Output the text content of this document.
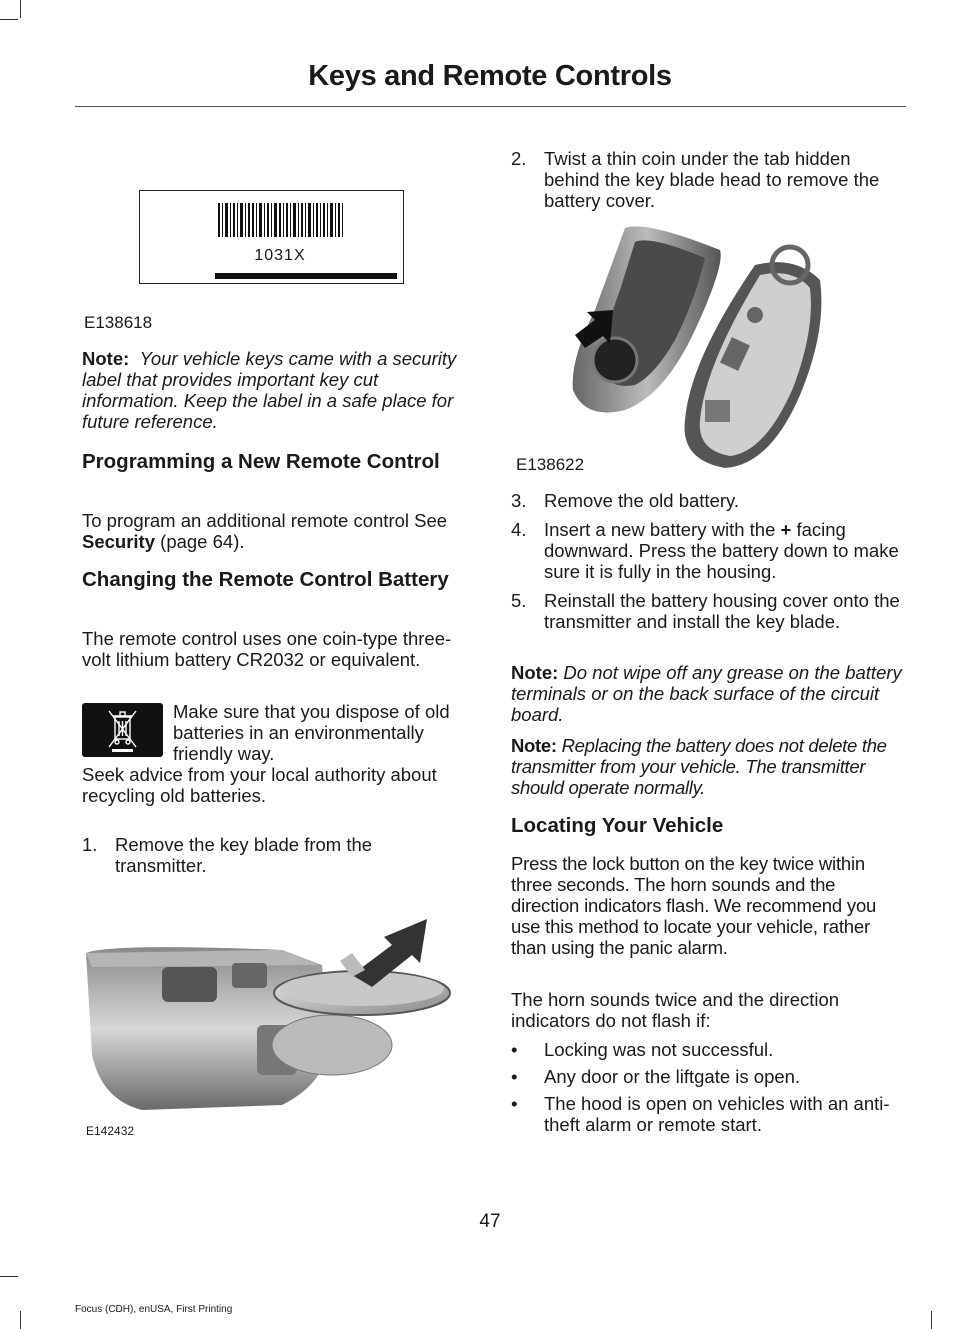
Keys and Remote Controls
1031X
E138618
Note: Your vehicle keys came with a security label that provides important key cut information. Keep the label in a safe place for future reference.
Programming a New Remote Control
To program an additional remote control See Security (page 64).
Changing the Remote Control Battery
The remote control uses one coin-type three-volt lithium battery CR2032 or equivalent.
Make sure that you dispose of old batteries in an environmentally friendly way.
Seek advice from your local authority about recycling old batteries.
1. Remove the key blade from the transmitter.
E142432
2. Twist a thin coin under the tab hidden behind the key blade head to remove the battery cover.
E138622
3. Remove the old battery.
4. Insert a new battery with the + facing downward. Press the battery down to make sure it is fully in the housing.
5. Reinstall the battery housing cover onto the transmitter and install the key blade.
Note: Do not wipe off any grease on the battery terminals or on the back surface of the circuit board.
Note: Replacing the battery does not delete the transmitter from your vehicle. The transmitter should operate normally.
Locating Your Vehicle
Press the lock button on the key twice within three seconds. The horn sounds and the direction indicators flash. We recommend you use this method to locate your vehicle, rather than using the panic alarm.
The horn sounds twice and the direction indicators do not flash if:
• Locking was not successful.
• Any door or the liftgate is open.
• The hood is open on vehicles with an anti-theft alarm or remote start.
47
Focus (CDH), enUSA, First Printing
